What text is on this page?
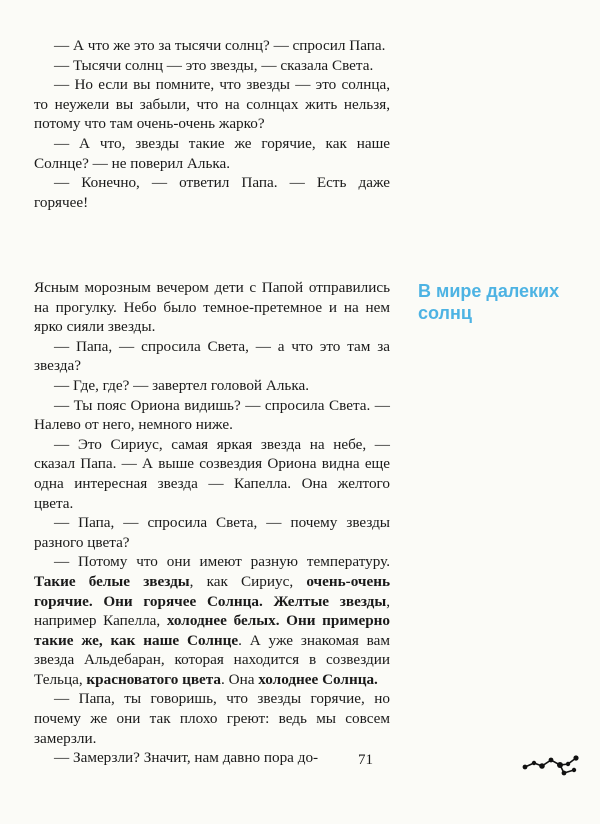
— А что же это за тысячи солнц? — спросил Папа.

— Тысячи солнц — это звезды, — сказала Света.

— Но если вы помните, что звезды — это солнца, то неужели вы забыли, что на солнцах жить нельзя, потому что там очень-очень жарко?

— А что, звезды такие же горячие, как наше Солнце? — не поверил Алька.

— Конечно, — ответил Папа. — Есть даже горячее!

В мире далеких солнц

Ясным морозным вечером дети с Папой отправились на прогулку. Небо было темное-претемное и на нем ярко сияли звезды.

— Папа, — спросила Света, — а что это там за звезда?

— Где, где? — завертел головой Алька.

— Ты пояс Ориона видишь? — спросила Света. — Налево от него, немного ниже.

— Это Сириус, самая яркая звезда на небе, — сказал Папа. — А выше созвездия Ориона видна еще одна интересная звезда — Капелла. Она желтого цвета.

— Папа, — спросила Света, — почему звезды разного цвета?

— Потому что они имеют разную температуру. Такие белые звезды, как Сириус, очень-очень горячие. Они горячее Солнца. Желтые звезды, например Капелла, холоднее белых. Они примерно такие же, как наше Солнце. А уже знакомая вам звезда Альдебаран, которая находится в созвездии Тельца, красноватого цвета. Она холоднее Солнца.

— Папа, ты говоришь, что звезды горячие, но почему же они так плохо греют: ведь мы совсем замерзли.

— Замерзли? Значит, нам давно пора до-	71
